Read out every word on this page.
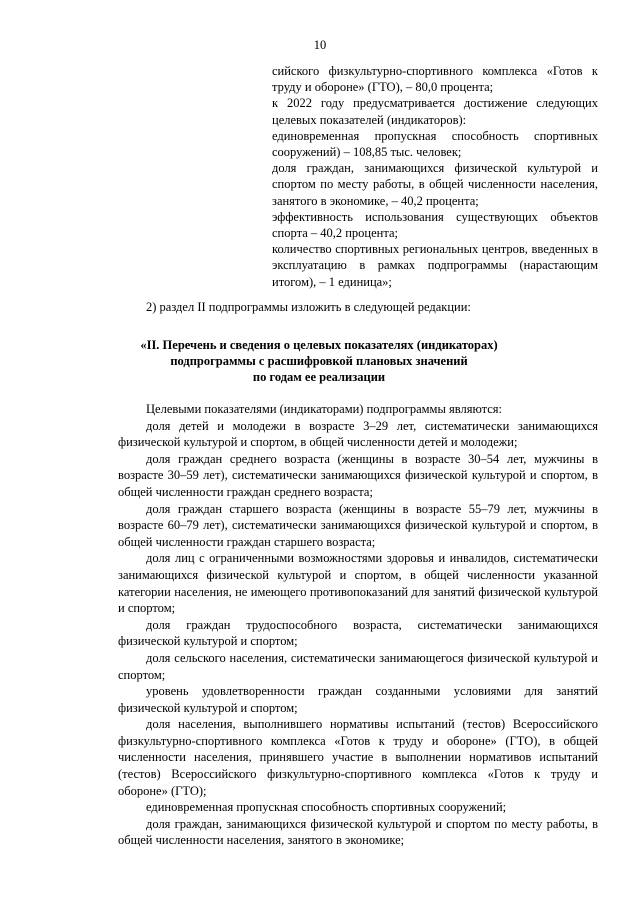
10

сийского физкультурно-спортивного комплекса «Готов к труду и обороне» (ГТО), – 80,0 процента;

к 2022 году предусматривается достижение следующих целевых показателей (индикаторов):

единовременная пропускная способность спортивных сооружений) – 108,85 тыс. человек;

доля граждан, занимающихся физической культурой и спортом по месту работы, в общей численности населения, занятого в экономике, – 40,2 процента;

эффективность использования существующих объектов спорта – 40,2 процента;

количество спортивных региональных центров, введенных в эксплуатацию в рамках подпрограммы (нарастающим итогом), – 1 единица»;

2) раздел II подпрограммы изложить в следующей редакции:
«II. Перечень и сведения о целевых показателях (индикаторах)
подпрограммы с расшифровкой плановых значений
по годам ее реализации

Целевыми показателями (индикаторами) подпрограммы являются:

доля детей и молодежи в возрасте 3–29 лет, систематически занимающихся физической культурой и спортом, в общей численности детей и молодежи;

доля граждан среднего возраста (женщины в возрасте 30–54 лет, мужчины в возрасте 30–59 лет), систематически занимающихся физической культурой и спортом, в общей численности граждан среднего возраста;

доля граждан старшего возраста (женщины в возрасте 55–79 лет, мужчины в возрасте 60–79 лет), систематически занимающихся физической культурой и спортом, в общей численности граждан старшего возраста;

доля лиц с ограниченными возможностями здоровья и инвалидов, систематически занимающихся физической культурой и спортом, в общей численности указанной категории населения, не имеющего противопоказаний для занятий физической культурой и спортом;

доля граждан трудоспособного возраста, систематически занимающихся физической культурой и спортом;

доля сельского населения, систематически занимающегося физической культурой и спортом;

уровень удовлетворенности граждан созданными условиями для занятий физической культурой и спортом;

доля населения, выполнившего нормативы испытаний (тестов) Всероссийского физкультурно-спортивного комплекса «Готов к труду и обороне» (ГТО), в общей численности населения, принявшего участие в выполнении нормативов испытаний (тестов) Всероссийского физкультурно-спортивного комплекса «Готов к труду и обороне» (ГТО);

единовременная пропускная способность спортивных сооружений;

доля граждан, занимающихся физической культурой и спортом по месту работы, в общей численности населения, занятого в экономике;
